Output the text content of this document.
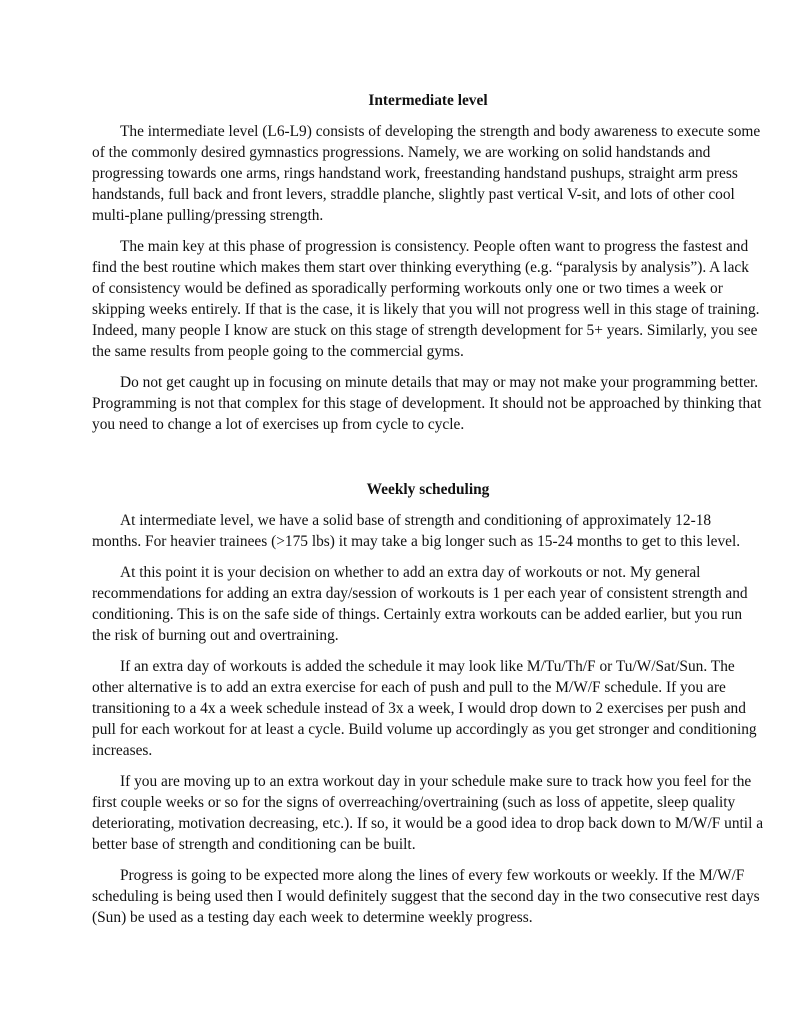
Intermediate level

The intermediate level (L6-L9) consists of developing the strength and body awareness to execute some of the commonly desired gymnastics progressions. Namely, we are working on solid handstands and progressing towards one arms, rings handstand work, freestanding handstand pushups, straight arm press handstands, full back and front levers, straddle planche, slightly past vertical V-sit, and lots of other cool multi-plane pulling/pressing strength.

The main key at this phase of progression is consistency. People often want to progress the fastest and find the best routine which makes them start over thinking everything (e.g. “paralysis by analysis”). A lack of consistency would be defined as sporadically performing workouts only one or two times a week or skipping weeks entirely. If that is the case, it is likely that you will not progress well in this stage of training. Indeed, many people I know are stuck on this stage of strength development for 5+ years. Similarly, you see the same results from people going to the commercial gyms.

Do not get caught up in focusing on minute details that may or may not make your programming better. Programming is not that complex for this stage of development. It should not be approached by thinking that you need to change a lot of exercises up from cycle to cycle.

Weekly scheduling

At intermediate level, we have a solid base of strength and conditioning of approximately 12-18 months. For heavier trainees (>175 lbs) it may take a big longer such as 15-24 months to get to this level.

At this point it is your decision on whether to add an extra day of workouts or not. My general recommendations for adding an extra day/session of workouts is 1 per each year of consistent strength and conditioning. This is on the safe side of things. Certainly extra workouts can be added earlier, but you run the risk of burning out and overtraining.

If an extra day of workouts is added the schedule it may look like M/Tu/Th/F or Tu/W/Sat/Sun. The other alternative is to add an extra exercise for each of push and pull to the M/W/F schedule. If you are transitioning to a 4x a week schedule instead of 3x a week, I would drop down to 2 exercises per push and pull for each workout for at least a cycle. Build volume up accordingly as you get stronger and conditioning increases.

If you are moving up to an extra workout day in your schedule make sure to track how you feel for the first couple weeks or so for the signs of overreaching/overtraining (such as loss of appetite, sleep quality deteriorating, motivation decreasing, etc.). If so, it would be a good idea to drop back down to M/W/F until a better base of strength and conditioning can be built.

Progress is going to be expected more along the lines of every few workouts or weekly. If the M/W/F scheduling is being used then I would definitely suggest that the second day in the two consecutive rest days (Sun) be used as a testing day each week to determine weekly progress.
